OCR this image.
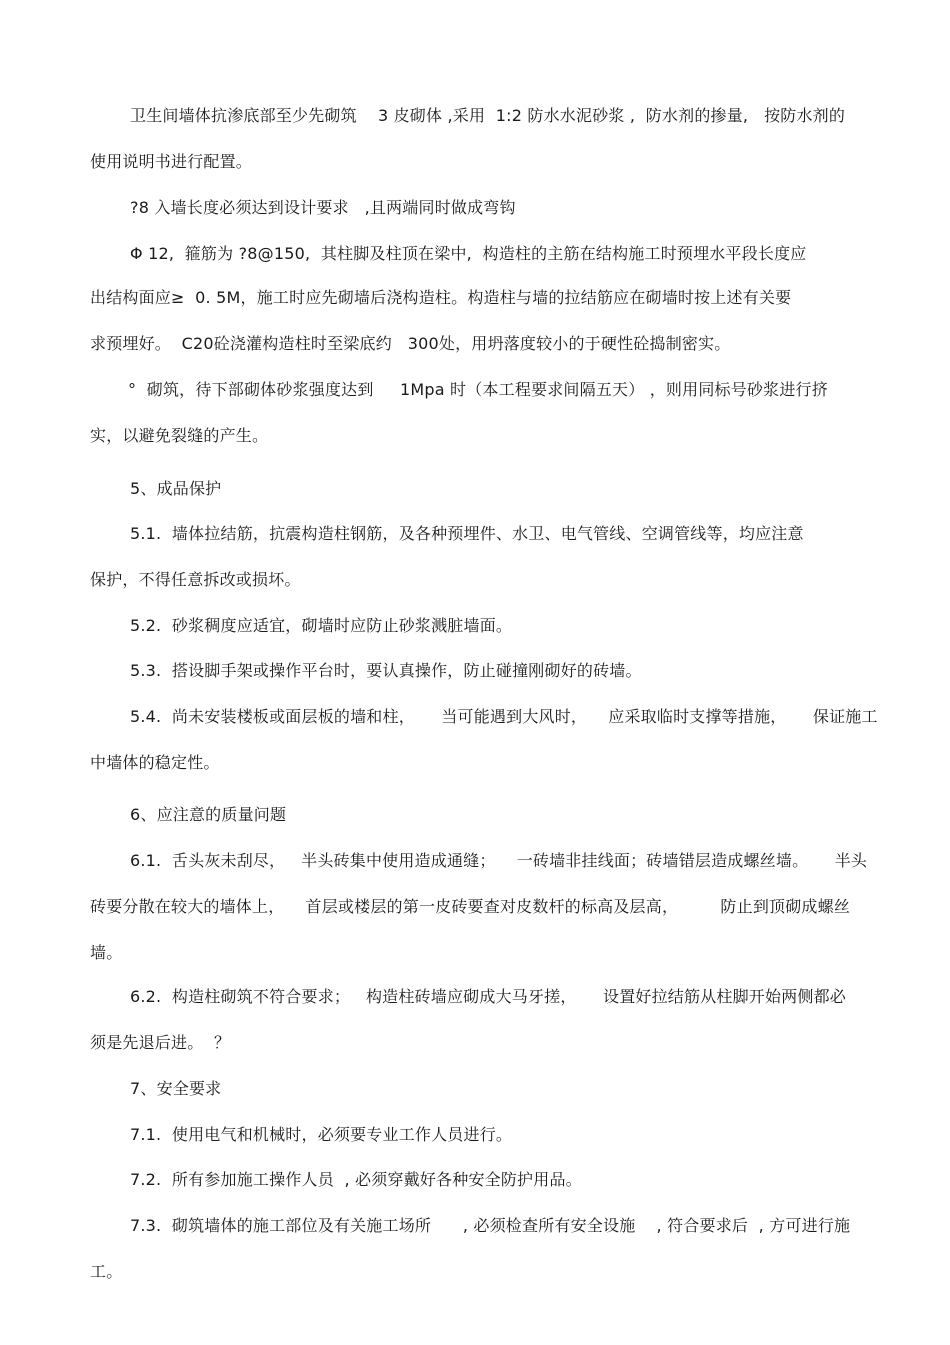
卫生间墙体抗渗底部至少先砌筑    3 皮砌体 ,采用  1:2 防水水泥砂浆 ,  防水剂的掺量,   按防水剂的
使用说明书进行配置。
?8 入墙长度必须达到设计要求   ,且两端同时做成弯钩
Φ 12,  箍筋为 ?8@150,  其柱脚及柱顶在梁中,  构造柱的主筋在结构施工时预埋水平段长度应
出结构面应≥  0. 5M，施工时应先砌墙后浇构造柱。构造柱与墙的拉结筋应在砌墙时按上述有关要
求预埋好。  C20砼浇灌构造柱时至梁底约   300处，用坍落度较小的于硬性砼捣制密实。
°  砌筑，待下部砌体砂浆强度达到     1Mpa 时（本工程要求间隔五天） ，则用同标号砂浆进行挤
实，以避免裂缝的产生。
5、成品保护
5.1.  墙体拉结筋，抗震构造柱钢筋，及各种预埋件、水卫、电气管线、空调管线等，均应注意
保护，不得任意拆改或损坏。
5.2.  砂浆稠度应适宜，砌墙时应防止砂浆溅脏墙面。
5.3.  搭设脚手架或操作平台时，要认真操作，防止碰撞刚砌好的砖墙。
5.4.  尚未安装楼板或面层板的墙和柱，     当可能遇到大风时，    应采取临时支撑等措施，     保证施工
中墙体的稳定性。
6、应注意的质量问题
6.1.  舌头灰未刮尽，   半头砖集中使用造成通缝；    一砖墙非挂线面；砖墙错层造成螺丝墙。     半头
砖要分散在较大的墙体上，    首层或楼层的第一皮砖要查对皮数杆的标高及层高，        防止到顶砌成螺丝
墙。
6.2.  构造柱砌筑不符合要求；   构造柱砖墙应砌成大马牙搓，     设置好拉结筋从柱脚开始两侧都必
须是先退后进。  ？
7、安全要求
7.1.  使用电气和机械时，必须要专业工作人员进行。
7.2.  所有参加施工操作人员  , 必须穿戴好各种安全防护用品。
7.3.  砌筑墙体的施工部位及有关施工场所      , 必须检查所有安全设施    , 符合要求后  , 方可进行施
工。
